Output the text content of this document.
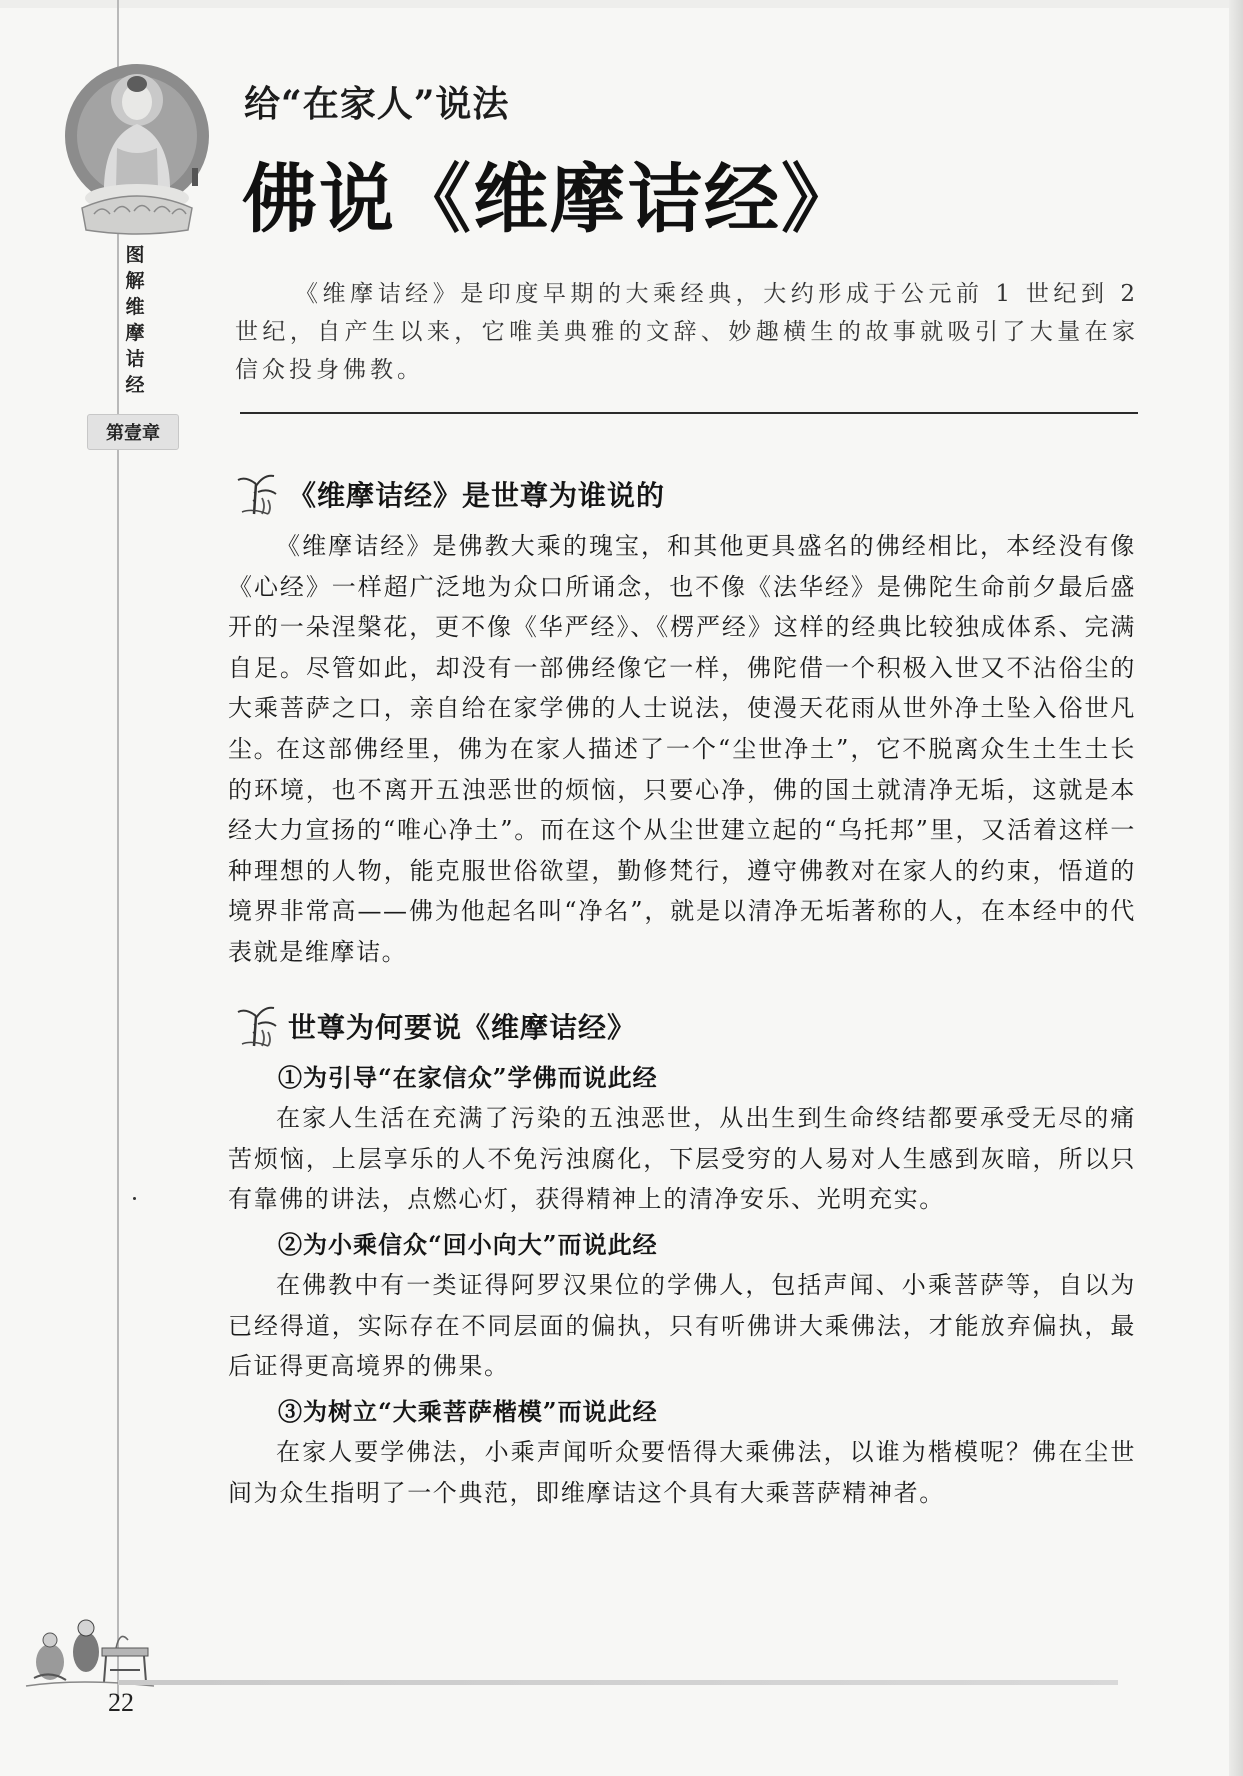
图
解
维
摩
诘
经
第壹章
给“在家人”说法
佛说《维摩诘经》
《维摩诘经》是印度早期的大乘经典，大约形成于公元前 1 世纪到 2 世纪，自产生以来，它唯美典雅的文辞、妙趣横生的故事就吸引了大量在家信众投身佛教。
《维摩诘经》是世尊为谁说的
《维摩诘经》是佛教大乘的瑰宝，和其他更具盛名的佛经相比，本经没有像《心经》一样超广泛地为众口所诵念，也不像《法华经》是佛陀生命前夕最后盛开的一朵涅槃花，更不像《华严经》、《楞严经》这样的经典比较独成体系、完满自足。尽管如此，却没有一部佛经像它一样，佛陀借一个积极入世又不沾俗尘的大乘菩萨之口，亲自给在家学佛的人士说法，使漫天花雨从世外净土坠入俗世凡尘。
在这部佛经里，佛为在家人描述了一个“尘世净土”，它不脱离众生土生土长的环境，也不离开五浊恶世的烦恼，只要心净，佛的国土就清净无垢，这就是本经大力宣扬的“唯心净土”。而在这个从尘世建立起的“乌托邦”里，又活着这样一种理想的人物，能克服世俗欲望，勤修梵行，遵守佛教对在家人的约束，悟道的境界非常高——佛为他起名叫“净名”，就是以清净无垢著称的人，在本经中的代表就是维摩诘。
世尊为何要说《维摩诘经》
①为引导“在家信众”学佛而说此经
在家人生活在充满了污染的五浊恶世，从出生到生命终结都要承受无尽的痛苦烦恼，上层享乐的人不免污浊腐化，下层受穷的人易对人生感到灰暗，所以只有靠佛的讲法，点燃心灯，获得精神上的清净安乐、光明充实。
②为小乘信众“回小向大”而说此经
在佛教中有一类证得阿罗汉果位的学佛人，包括声闻、小乘菩萨等，自以为已经得道，实际存在不同层面的偏执，只有听佛讲大乘佛法，才能放弃偏执，最后证得更高境界的佛果。
③为树立“大乘菩萨楷模”而说此经
在家人要学佛法，小乘声闻听众要悟得大乘佛法，以谁为楷模呢？佛在尘世间为众生指明了一个典范，即维摩诘这个具有大乘菩萨精神者。
22
